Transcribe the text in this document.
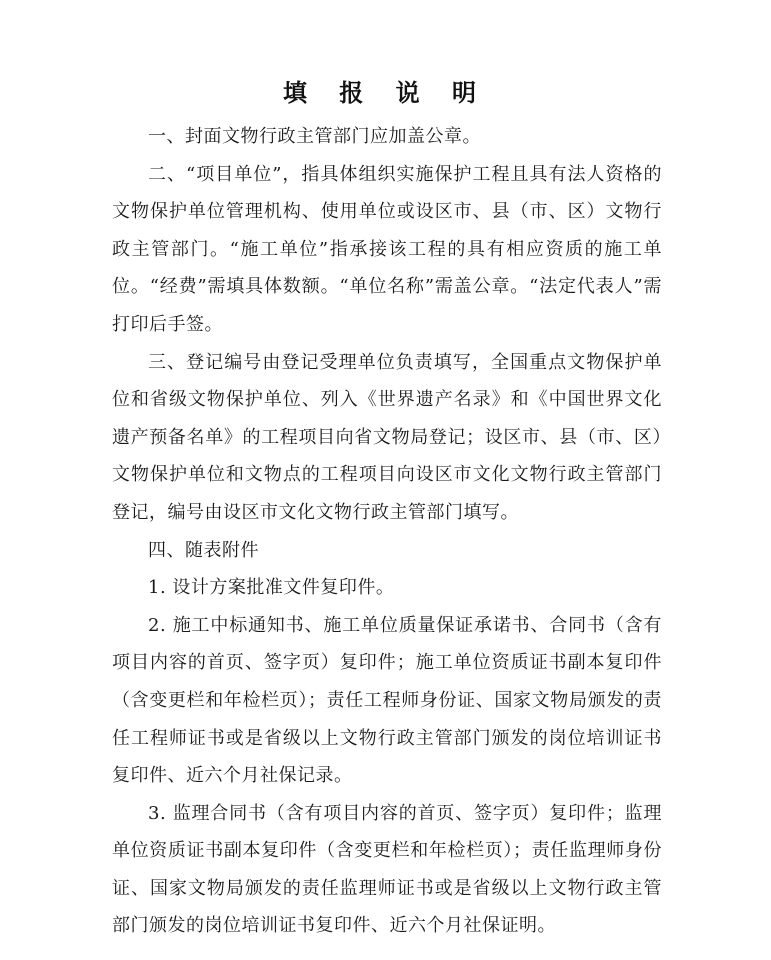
填 报 说 明

一、封面文物行政主管部门应加盖公章。

二、“项目单位”，指具体组织实施保护工程且具有法人资格的文物保护单位管理机构、使用单位或设区市、县（市、区）文物行政主管部门。“施工单位”指承接该工程的具有相应资质的施工单位。“经费”需填具体数额。“单位名称”需盖公章。“法定代表人”需打印后手签。

三、登记编号由登记受理单位负责填写，全国重点文物保护单位和省级文物保护单位、列入《世界遗产名录》和《中国世界文化遗产预备名单》的工程项目向省文物局登记；设区市、县（市、区）文物保护单位和文物点的工程项目向设区市文化文物行政主管部门登记，编号由设区市文化文物行政主管部门填写。

四、随表附件

1. 设计方案批准文件复印件。

2. 施工中标通知书、施工单位质量保证承诺书、合同书（含有项目内容的首页、签字页）复印件；施工单位资质证书副本复印件（含变更栏和年检栏页）；责任工程师身份证、国家文物局颁发的责任工程师证书或是省级以上文物行政主管部门颁发的岗位培训证书复印件、近六个月社保记录。

3. 监理合同书（含有项目内容的首页、签字页）复印件；监理单位资质证书副本复印件（含变更栏和年检栏页）；责任监理师身份证、国家文物局颁发的责任监理师证书或是省级以上文物行政主管部门颁发的岗位培训证书复印件、近六个月社保证明。
